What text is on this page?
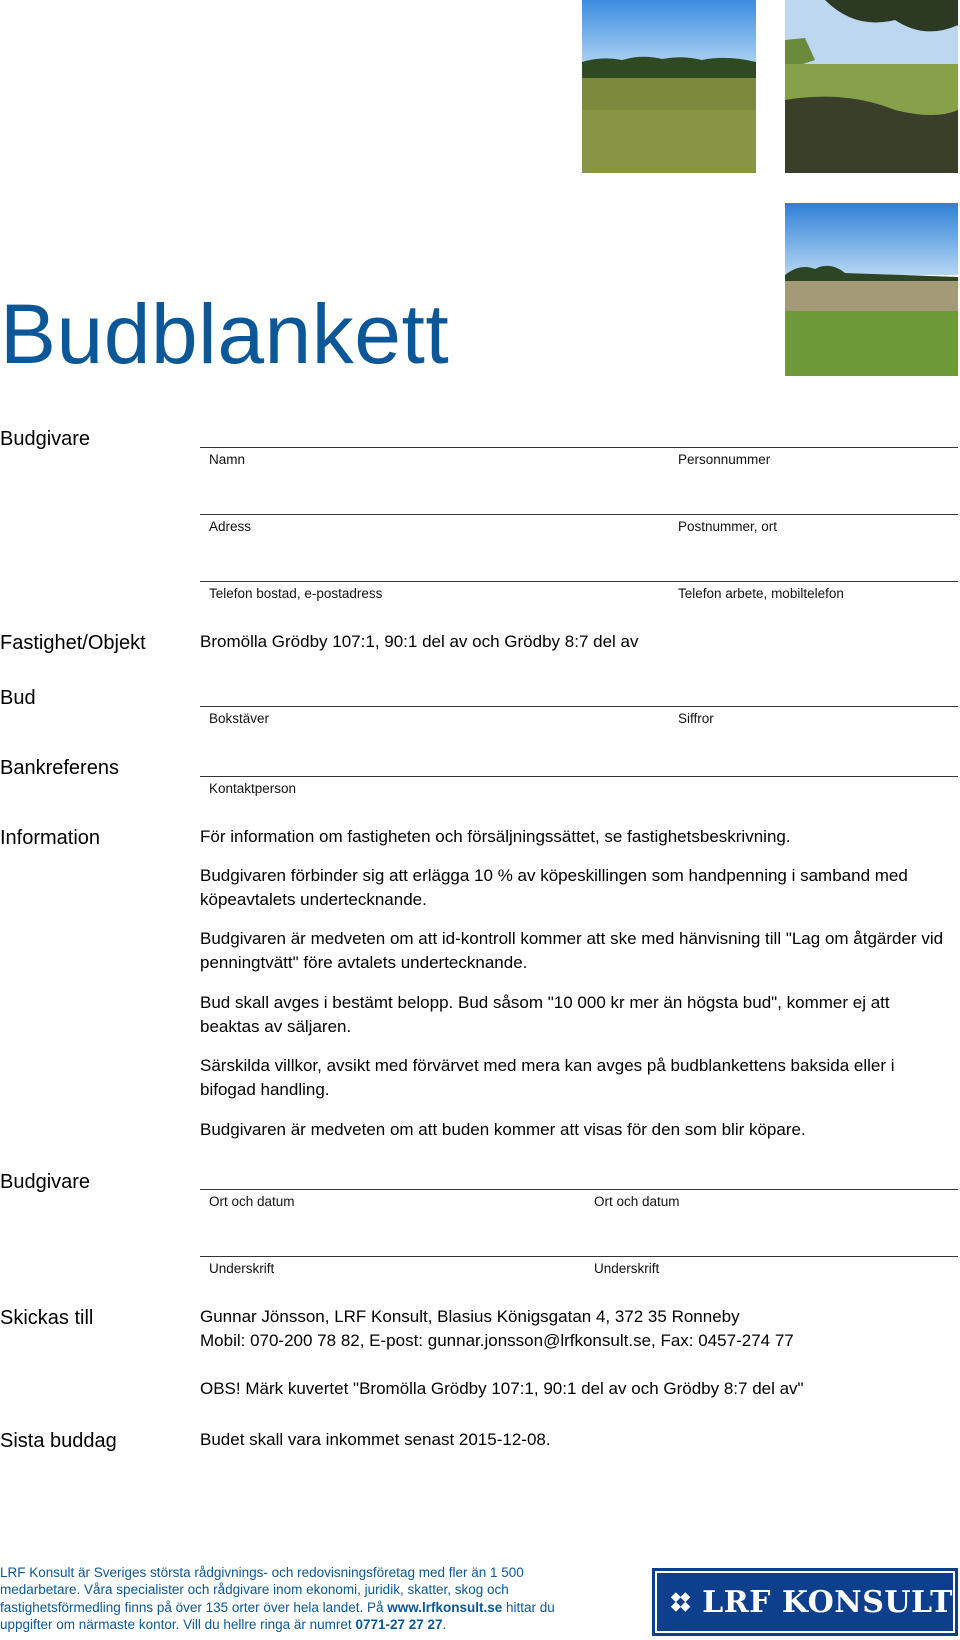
Budblankett
Budgivare
Namn	Personnummer
Adress	Postnummer, ort
Telefon bostad, e-postadress	Telefon arbete, mobiltelefon
Fastighet/Objekt	Bromölla Grödby 107:1, 90:1 del av och Grödby 8:7 del av
Bud
Bokstäver	Siffror
Bankreferens
Kontaktperson
Information	För information om fastigheten och försäljningssättet, se fastighetsbeskrivning.

Budgivaren förbinder sig att erlägga 10 % av köpeskillingen som handpenning i samband med köpeavtalets undertecknande.

Budgivaren är medveten om att id-kontroll kommer att ske med hänvisning till "Lag om åtgärder vid penningtvätt" före avtalets undertecknande.

Bud skall avges i bestämt belopp. Bud såsom "10 000 kr mer än högsta bud", kommer ej att beaktas av säljaren.

Särskilda villkor, avsikt med förvärvet med mera kan avges på budblankettens baksida eller i bifogad handling.

Budgivaren är medveten om att buden kommer att visas för den som blir köpare.

Budgivare
Ort och datum	Ort och datum
Underskrift	Underskrift
Skickas till	Gunnar Jönsson, LRF Konsult, Blasius Königsgatan 4, 372 35 Ronneby
Mobil: 070-200 78 82, E-post: gunnar.jonsson@lrfkonsult.se, Fax: 0457-274 77
OBS! Märk kuvertet "Bromölla Grödby 107:1, 90:1 del av och Grödby 8:7 del av"
Sista buddag	Budet skall vara inkommet senast 2015-12-08.
LRF Konsult är Sveriges största rådgivnings- och redovisningsföretag med fler än 1 500 medarbetare. Våra specialister och rådgivare inom ekonomi, juridik, skatter, skog och fastighetsförmedling finns på över 135 orter över hela landet. På www.lrfkonsult.se hittar du uppgifter om närmaste kontor. Vill du hellre ringa är numret 0771-27 27 27.
LRF KONSULT
